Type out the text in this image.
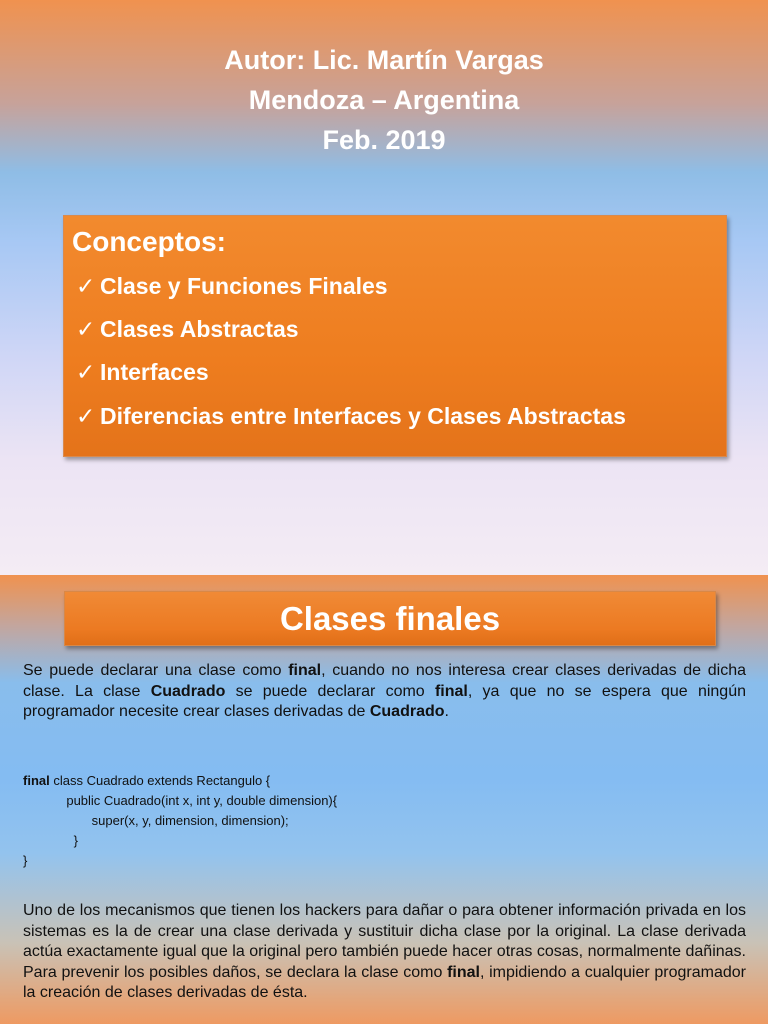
Autor: Lic. Martín Vargas
Mendoza – Argentina
Feb. 2019
Conceptos:
✓ Clase y Funciones Finales
✓ Clases Abstractas
✓ Interfaces
✓ Diferencias entre Interfaces y Clases Abstractas
Clases finales
Se puede declarar una clase como final, cuando no nos interesa crear clases derivadas de dicha clase. La clase Cuadrado se puede declarar como final, ya que no se espera que ningún programador necesite crear clases derivadas de Cuadrado.
final class Cuadrado extends Rectangulo {
public Cuadrado(int x, int y, double dimension){
super(x, y, dimension, dimension);
}
}
Uno de los mecanismos que tienen los hackers para dañar o para obtener información privada en los sistemas es la de crear una clase derivada y sustituir dicha clase por la original. La clase derivada actúa exactamente igual que la original pero también puede hacer otras cosas, normalmente dañinas. Para prevenir los posibles daños, se declara la clase como final, impidiendo a cualquier programador la creación de clases derivadas de ésta.
